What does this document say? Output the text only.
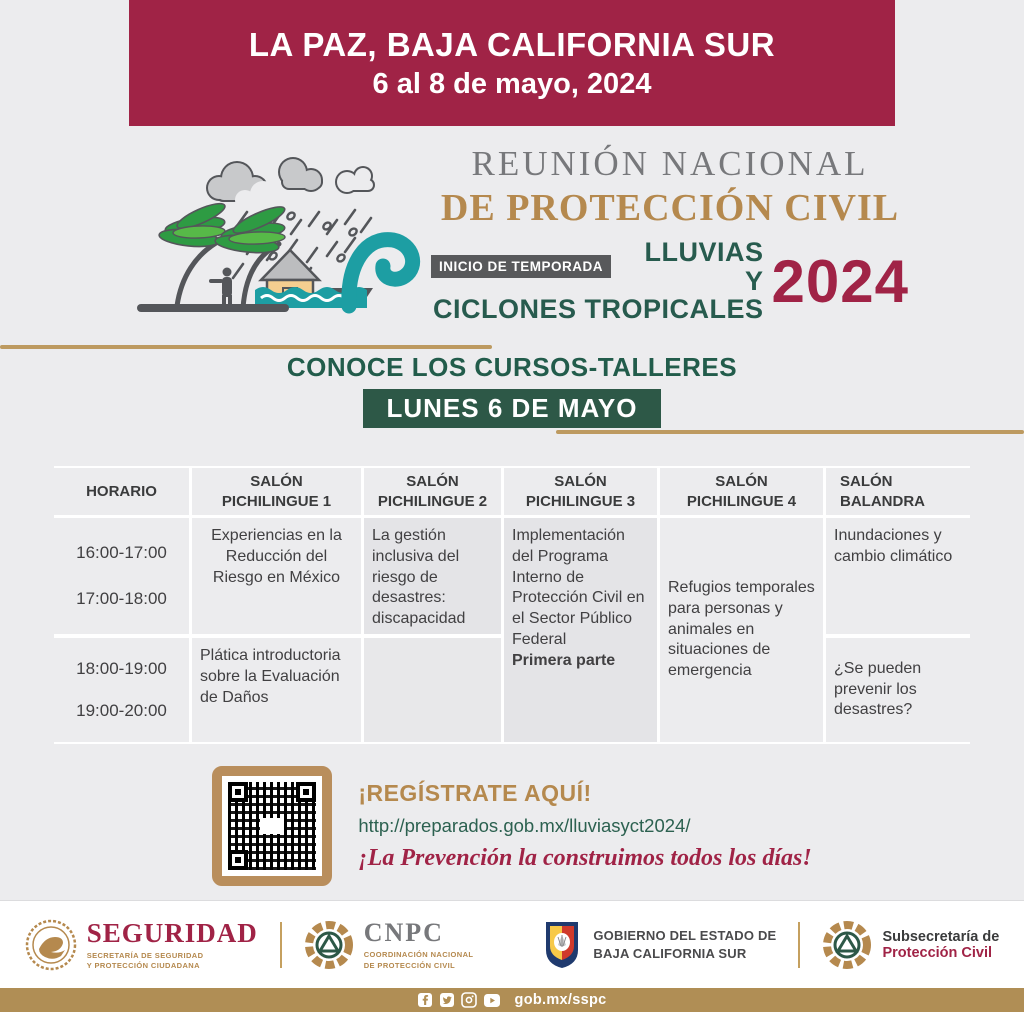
LA PAZ, BAJA CALIFORNIA SUR
6 al 8 de mayo, 2024
REUNIÓN NACIONAL
DE PROTECCIÓN CIVIL
INICIO DE TEMPORADA	LLUVIAS Y
CICLONES TROPICALES 2024
CONOCE LOS CURSOS-TALLERES
LUNES 6 DE MAYO
HORARIO
SALÓN
PICHILINGUE 1
SALÓN
PICHILINGUE 2
SALÓN
PICHILINGUE 3
SALÓN
PICHILINGUE 4
SALÓN
BALANDRA
16:00-17:00
17:00-18:00
Experiencias en la Reducción del Riesgo en México
La gestión inclusiva del riesgo de desastres: discapacidad
Implementación del Programa Interno de Protección Civil en el Sector Público Federal
Primera parte
Refugios temporales para personas y animales en situaciones de emergencia
Inundaciones y cambio climático
18:00-19:00
19:00-20:00
Plática introductoria sobre la Evaluación de Daños
¿Se pueden prevenir los desastres?
¡REGÍSTRATE AQUÍ!
http://preparados.gob.mx/lluviasyct2024/
¡La Prevención la construimos todos los días!
SEGURIDAD
SECRETARÍA DE SEGURIDAD
Y PROTECCIÓN CIUDADANA
CNPC
COORDINACIÓN NACIONAL
DE PROTECCIÓN CIVIL
GOBIERNO DEL ESTADO DE
BAJA CALIFORNIA SUR
Subsecretaría de
Protección Civil
gob.mx/sspc
